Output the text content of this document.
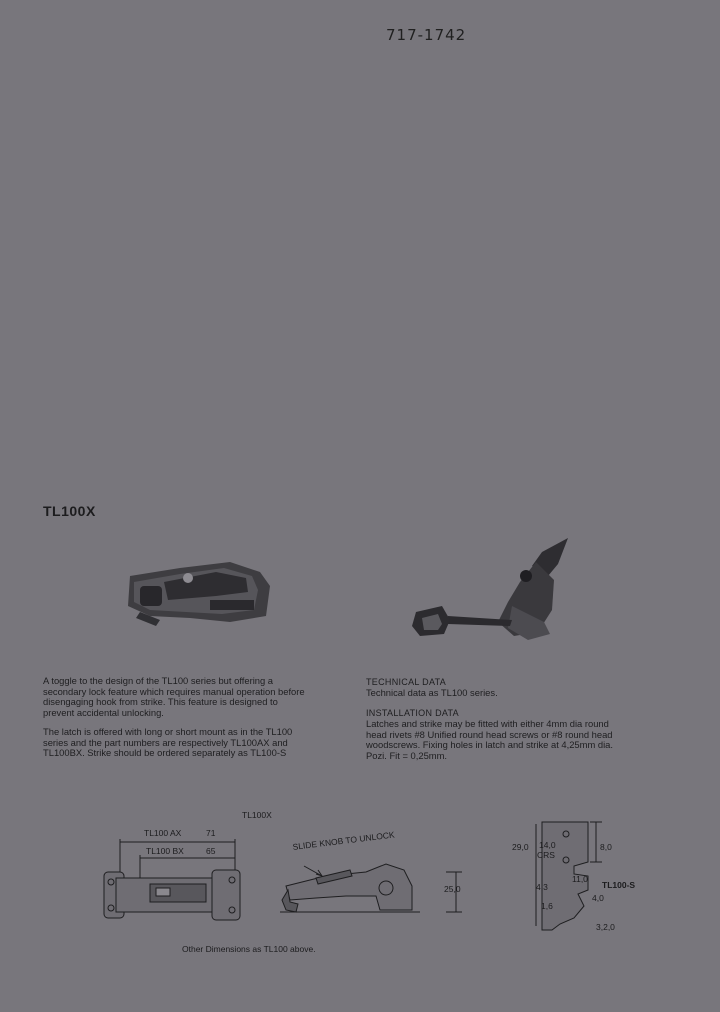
717-1742
TL100X
A toggle to the design of the TL100 series but offering a
secondary lock feature which requires manual operation before
disengaging hook from strike. This feature is designed to
prevent accidental unlocking.
The latch is offered with long or short mount as in the TL100
series and the part numbers are respectively TL100AX and
TL100BX. Strike should be ordered separately as TL100-S
TECHNICAL DATA
Technical data as TL100 series.
INSTALLATION DATA
Latches and strike may be fitted with either 4mm dia round
head rivets #8 Unified round head screws or #8 round head
woodscrews. Fixing holes in latch and strike at 4,25mm dia.
Pozi. Fit = 0,25mm.
TL100X
TL100 AX	71
TL100 BX	65	SLIDE KNOB TO UNLOCK
25,0
29,0
CRS
14,0	8,0
11,0
4,3	TL100-S
4,0
1,6
3,2,0
Other Dimensions as TL100 above.
